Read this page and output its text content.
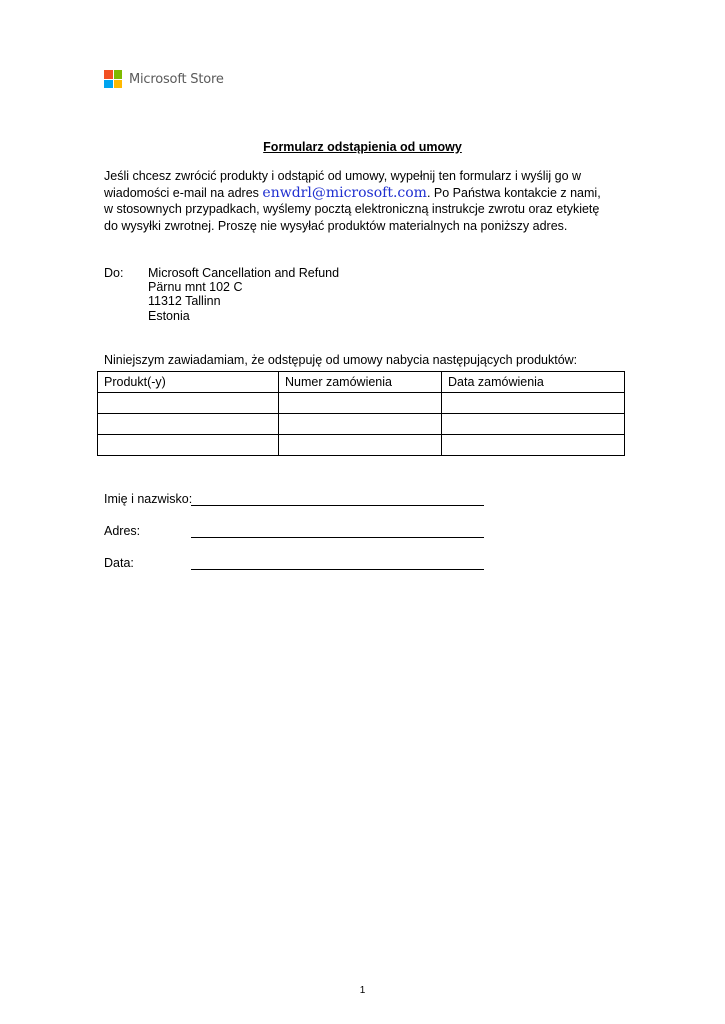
Microsoft Store
Formularz odstąpienia od umowy
Jeśli chcesz zwrócić produkty i odstąpić od umowy, wypełnij ten formularz i wyślij go w wiadomości e-mail na adres enwdrl@microsoft.com. Po Państwa kontakcie z nami, w stosownych przypadkach, wyślemy pocztą elektroniczną instrukcje zwrotu oraz etykietę do wysyłki zwrotnej. Proszę nie wysyłać produktów materialnych na poniższy adres.
Do: Microsoft Cancellation and Refund
Pärnu mnt 102 C
11312 Tallinn
Estonia
Niniejszym zawiadamiam, że odstępuję od umowy nabycia następujących produktów:
Produkt(-y)	Numer zamówienia	Data zamówienia

Imię i nazwisko:
Adres:
Data:
1
